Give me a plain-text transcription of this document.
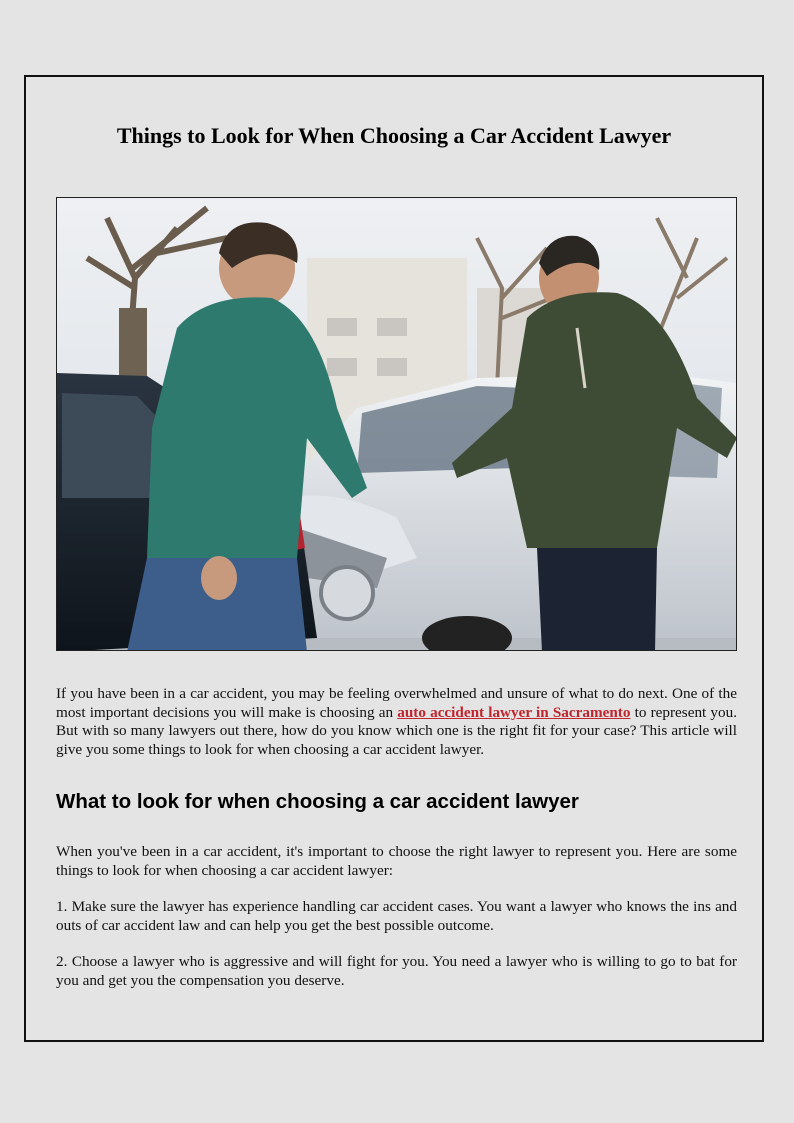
Things to Look for When Choosing a Car Accident Lawyer

If you have been in a car accident, you may be feeling overwhelmed and unsure of what to do next. One of the most important decisions you will make is choosing an auto accident lawyer in Sacramento to represent you. But with so many lawyers out there, how do you know which one is the right fit for your case? This article will give you some things to look for when choosing a car accident lawyer.

What to look for when choosing a car accident lawyer

When you've been in a car accident, it's important to choose the right lawyer to represent you. Here are some things to look for when choosing a car accident lawyer:

1. Make sure the lawyer has experience handling car accident cases. You want a lawyer who knows the ins and outs of car accident law and can help you get the best possible outcome.

2. Choose a lawyer who is aggressive and will fight for you. You need a lawyer who is willing to go to bat for you and get you the compensation you deserve.
